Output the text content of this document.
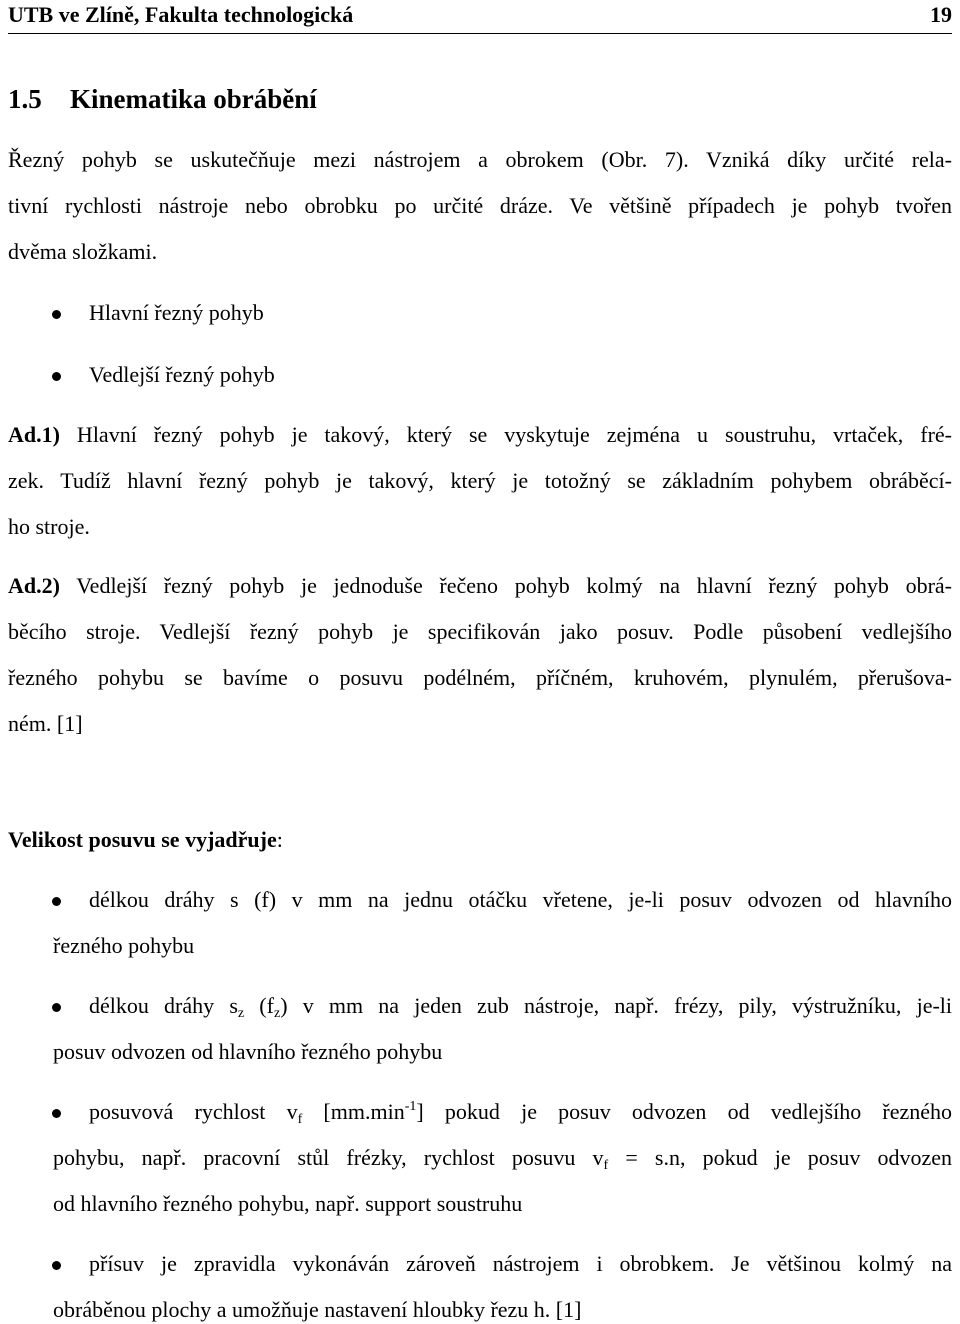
UTB ve Zlíně, Fakulta technologická	19
1.5 Kinematika obrábění
Řezný pohyb se uskutečňuje mezi nástrojem a obrokem (Obr. 7). Vzniká díky určité rela-
tivní rychlosti nástroje nebo obrobku po určité dráze. Ve většině případech je pohyb tvořen
dvěma složkami.
Hlavní řezný pohyb
Vedlejší řezný pohyb
Ad.1) Hlavní řezný pohyb je takový, který se vyskytuje zejména u soustruhu, vrtaček, fré-
zek. Tudíž hlavní řezný pohyb je takový, který je totožný se základním pohybem obráběcí-
ho stroje.
Ad.2) Vedlejší řezný pohyb je jednoduše řečeno pohyb kolmý na hlavní řezný pohyb obrá-
běcího stroje. Vedlejší řezný pohyb je specifikován jako posuv. Podle působení vedlejšího
řezného pohybu se bavíme o posuvu podélném, příčném, kruhovém, plynulém, přerušova-
ném. [1]
Velikost posuvu se vyjadřuje:
délkou dráhy s (f) v mm na jednu otáčku vřetene, je-li posuv odvozen od hlavního
řezného pohybu
délkou dráhy $s_z$ $(f_z)$ v mm na jeden zub nástroje, např. frézy, pily, výstružníku, je-li
posuv odvozen od hlavního řezného pohybu
posuvová rychlost $v_f$ $[mm.\min^{-1}]$ pokud je posuv odvozen od vedlejšího řezného
pohybu, např. pracovní stůl frézky, rychlost posuvu $v_f = s.n$, pokud je posuv odvozen
od hlavního řezného pohybu, např. support soustruhu
přísuv je zpravidla vykonáván zároveň nástrojem i obrobkem. Je většinou kolmý na
obráběnou plochy a umožňuje nastavení hloubky řezu h. [1]
